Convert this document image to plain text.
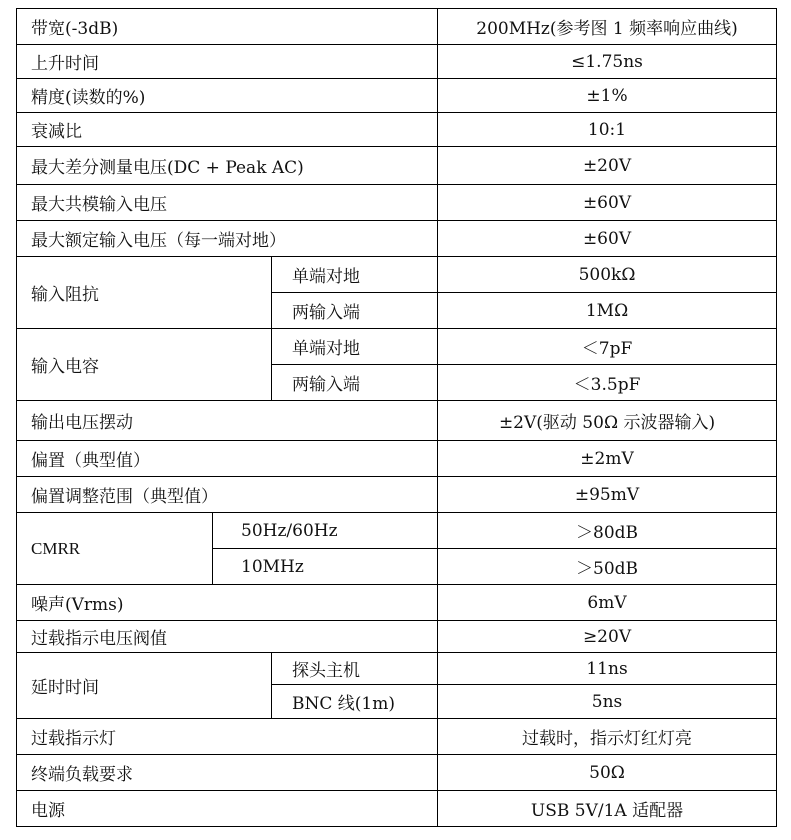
带宽(-3dB)			200MHz(参考图 1 频率响应曲线)
上升时间			≤1.75ns
精度(读数的%)			±1%
衰减比			10:1
最大差分测量电压(DC + Peak AC)			±20V
最大共模输入电压			±60V
最大额定输入电压（每一端对地）			±60V
输入阻抗		单端对地	500kΩ
		两输入端	1MΩ
输入电容		单端对地	＜7pF
		两输入端	＜3.5pF
输出电压摆动			±2V(驱动 50Ω 示波器输入)
偏置（典型值）			±2mV
偏置调整范围（典型值）			±95mV
CMRR	50Hz/60Hz		＞80dB
	10MHz		＞50dB
噪声(Vrms)			6mV
过载指示电压阀值			≥20V
延时时间		探头主机	11ns
		BNC 线(1m)	5ns
过载指示灯			过载时，指示灯红灯亮
终端负载要求			50Ω
电源			USB 5V/1A 适配器
